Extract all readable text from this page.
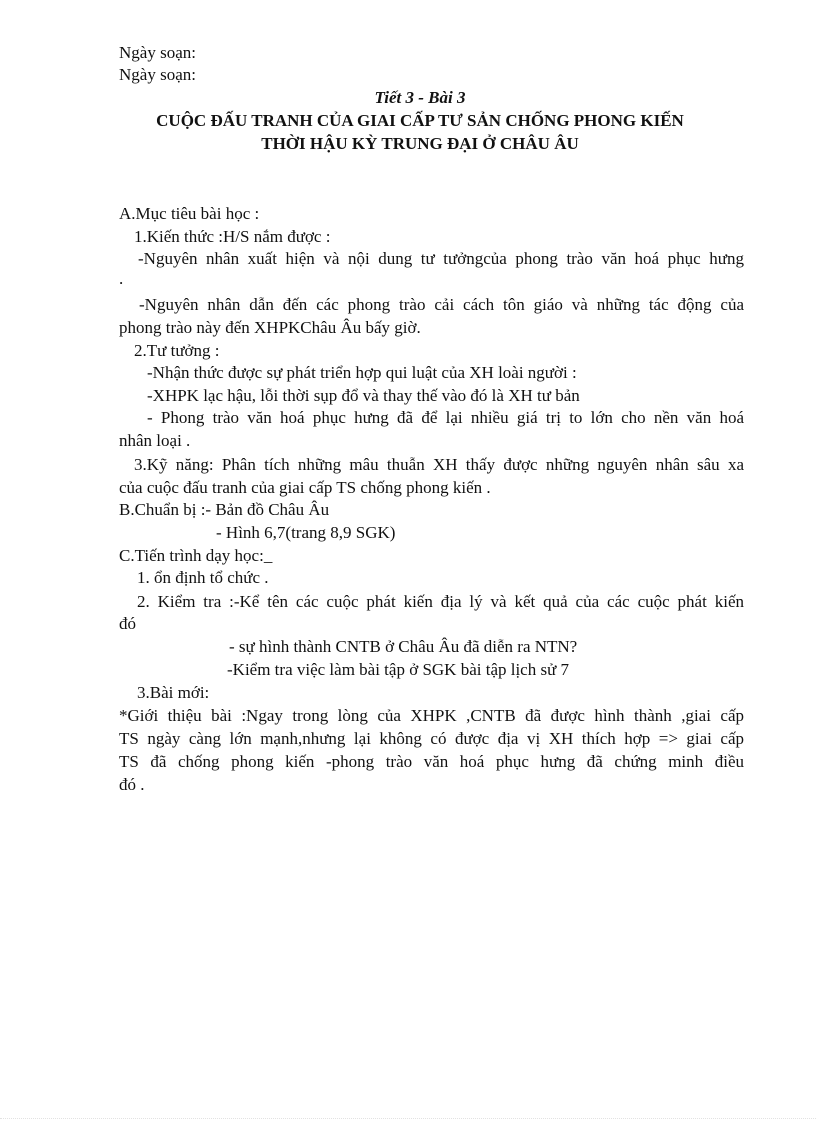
Ngày soạn:
Ngày soạn:
Tiết 3 - Bài 3
CUỘC ĐẤU TRANH CỦA GIAI CẤP TƯ SẢN CHỐNG PHONG KIẾN
THỜI HẬU KỲ TRUNG ĐẠI Ở CHÂU ÂU
A.Mục tiêu bài học :
1.Kiến thức :H/S nắm được :
-Nguyên nhân xuất hiện và nội dung tư tưởngcủa phong trào văn hoá phục hưng
.
-Nguyên nhân dẫn đến các phong trào cải cách tôn giáo và những tác động của
phong trào này đến XHPKChâu Âu bấy giờ.
2.Tư tưởng :
-Nhận thức được sự phát triển hợp qui luật của XH loài người :
-XHPK lạc hậu, lỗi thời sụp đổ và thay thế vào đó là XH tư bản
- Phong trào văn hoá phục hưng đã để lại nhiều giá trị to lớn cho nền văn hoá
nhân loại .
3.Kỹ năng: Phân tích những mâu thuẫn XH thấy được những nguyên nhân sâu xa
của cuộc đấu tranh của giai cấp TS chống phong kiến .
B.Chuẩn bị :- Bản đồ Châu Âu
- Hình 6,7(trang 8,9 SGK)
C.Tiến trình dạy học:_
1. ổn định tổ chức .
2. Kiểm tra :-Kể tên các cuộc phát kiến địa lý và kết quả của các cuộc phát kiến
đó
- sự hình thành CNTB ở Châu Âu đã diễn ra NTN?
-Kiểm tra việc làm bài tập ở SGK bài tập lịch sử 7
3.Bài mới:
*Giới thiệu bài :Ngay trong lòng của XHPK ,CNTB đã được hình thành ,giai cấp
TS ngày càng lớn mạnh,nhưng lại không có được địa vị XH thích hợp => giai cấp
TS đã chống phong kiến -phong trào văn hoá phục hưng đã chứng minh điều
đó .
